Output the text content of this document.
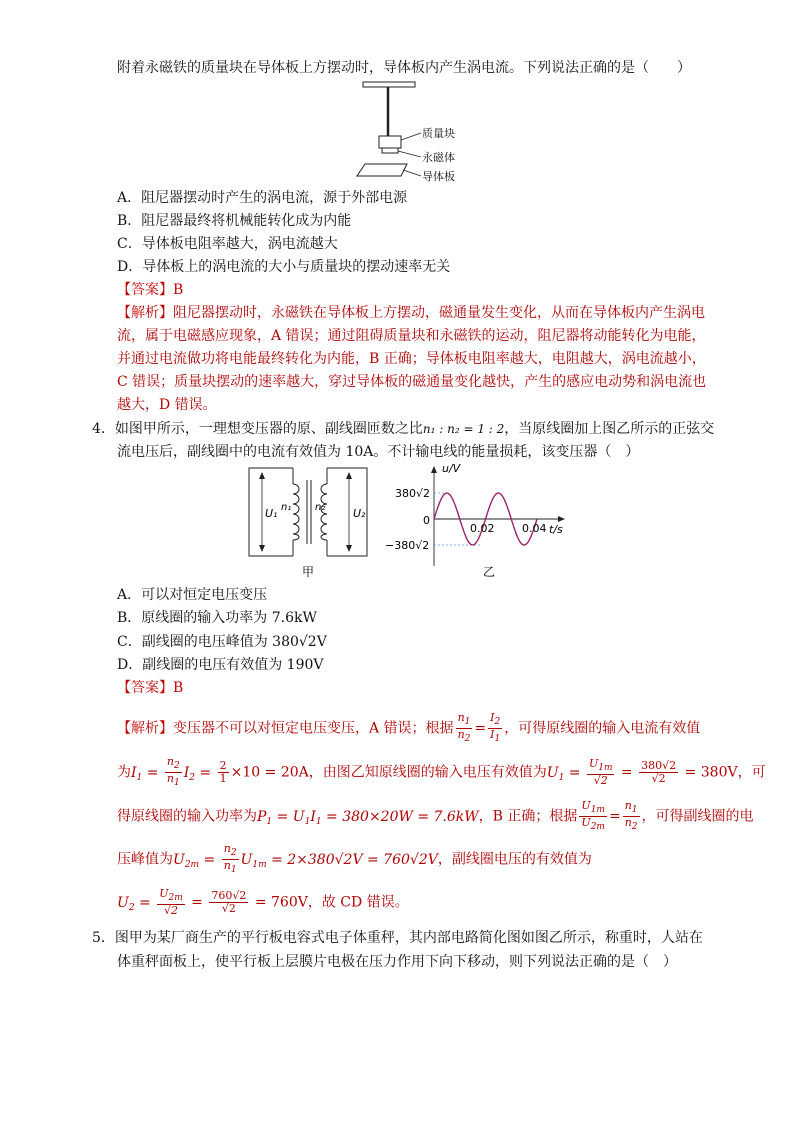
附着永磁铁的质量块在导体板上方摆动时，导体板内产生涡电流。下列说法正确的是（　　）
质量块
永磁体
导体板
A．阻尼器摆动时产生的涡电流，源于外部电源
B．阻尼器最终将机械能转化成为内能
C．导体板电阻率越大，涡电流越大
D．导体板上的涡电流的大小与质量块的摆动速率无关
【答案】B
【解析】阻尼器摆动时，永磁铁在导体板上方摆动，磁通量发生变化，从而在导体板内产生涡电
流，属于电磁感应现象，A 错误；通过阻碍质量块和永磁铁的运动，阻尼器将动能转化为电能，
并通过电流做功将电能最终转化为内能，B 正确；导体板电阻率越大，电阻越大，涡电流越小，
C 错误；质量块摆动的速率越大，穿过导体板的磁通量变化越快，产生的感应电动势和涡电流也
越大，D 错误。
4．如图甲所示，一理想变压器的原、副线圈匝数之比n₁ : n₂ = 1 : 2，当原线圈加上图乙所示的正弦交
流电压后，副线圈中的电流有效值为 10A。不计输电线的能量损耗，该变压器（　）
U₁ n₁ n₂	U₂
甲
u/V
t/s
380√2
−380√2
0
0.02	0.04
乙
A．可以对恒定电压变压
B．原线圈的输入功率为 7.6kW
C．副线圈的电压峰值为 380√2V
D．副线圈的电压有效值为 190V
【答案】B
【解析】变压器不可以对恒定电压变压，A 错误；根据 $\frac{n_1}{n_2} = \frac{I_2}{I_1}$ ，可得原线圈的输入电流有效值
为$I_1 = \frac{n_2}{n_1} I_2 = \frac{2}{1} \times 10 = 20A$，由图乙知原线圈的输入电压有效值为$U_1 = \frac{U_{1m}}{√2} = \frac{380√2}{√2} = 380V$，可
得原线圈的输入功率为$P_1 = U_1I_1 = 380\times 20W = 7.6kW$，B 正确；根据 $\frac{U_{1m}}{U_{2m}} = \frac{n_1}{n_2}$ ，可得副线圈的电
压峰值为$U_{2m} = \frac{n_2}{n_1} U_{1m} = 2\times 380√2V = 760√2V$，副线圈电压的有效值为
$U_2 = \frac{U_{2m}}{√2} = \frac{760√2}{√2} = 760V$，故 CD 错误。
5．图甲为某厂商生产的平行板电容式电子体重秤，其内部电路简化图如图乙所示，称重时，人站在
体重秤面板上，使平行板上层膜片电极在压力作用下向下移动，则下列说法正确的是（　）
